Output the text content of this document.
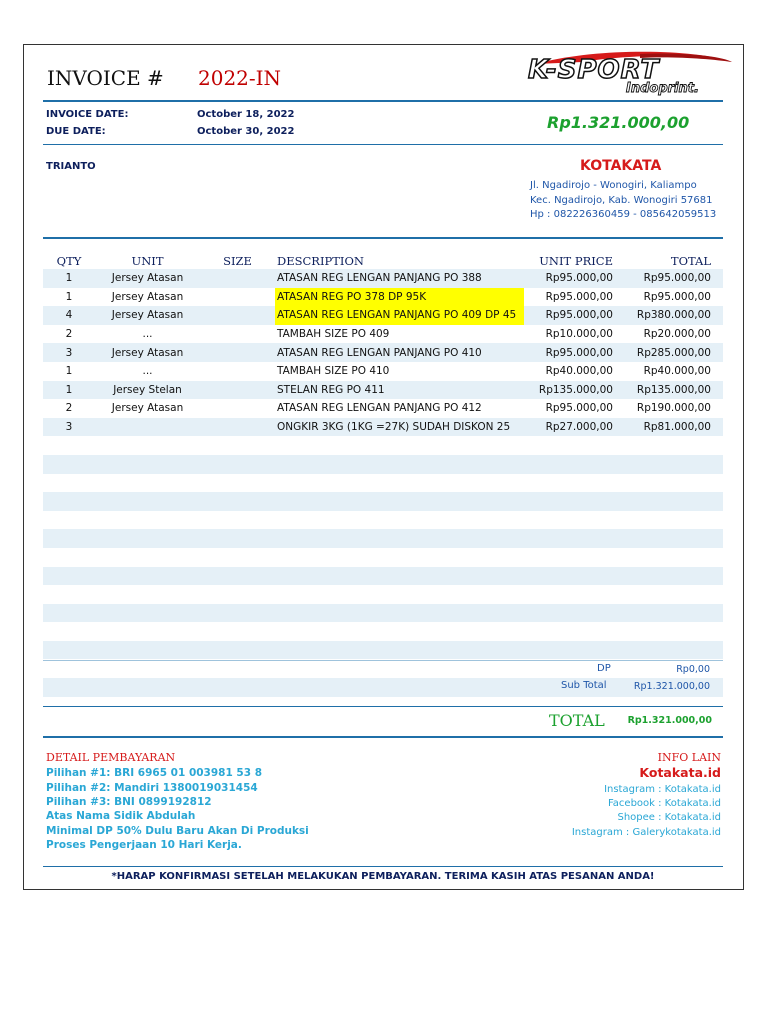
INVOICE # 2022-IN	K-SPORT
Indoprint.
INVOICE DATE:	October 18, 2022
DUE DATE:	October 30, 2022	Rp1.321.000,00
TRIANTO	KOTAKATA
Jl. Ngadirojo - Wonogiri, Kaliampo
Kec. Ngadirojo, Kab. Wonogiri 57681
Hp : 082226360459 - 085642059513
QTY	UNIT	SIZE	DESCRIPTION	UNIT PRICE	TOTAL
1	Jersey Atasan		ATASAN REG LENGAN PANJANG PO 388	Rp95.000,00	Rp95.000,00
1	Jersey Atasan		ATASAN REG PO 378 DP 95K	Rp95.000,00	Rp95.000,00
4	Jersey Atasan		ATASAN REG LENGAN PANJANG PO 409 DP 45	Rp95.000,00	Rp380.000,00
2	...		TAMBAH SIZE PO 409	Rp10.000,00	Rp20.000,00
3	Jersey Atasan		ATASAN REG LENGAN PANJANG PO 410	Rp95.000,00	Rp285.000,00
1	...		TAMBAH SIZE PO 410	Rp40.000,00	Rp40.000,00
1	Jersey Stelan		STELAN REG PO 411	Rp135.000,00	Rp135.000,00
2	Jersey Atasan		ATASAN REG LENGAN PANJANG PO 412	Rp95.000,00	Rp190.000,00
3			ONGKIR 3KG (1KG =27K) SUDAH DISKON 25	Rp27.000,00	Rp81.000,00

DP	Rp0,00
Sub Total	Rp1.321.000,00
TOTAL Rp1.321.000,00
DETAIL PEMBAYARAN
Pilihan #1: BRI 6965 01 003981 53 8
Pilihan #2: Mandiri 1380019031454
Pilihan #3: BNI 0899192812
Atas Nama Sidik Abdulah
Minimal DP 50% Dulu Baru Akan Di Produksi
Proses Pengerjaan 10 Hari Kerja.
INFO LAIN
Kotakata.id
Instagram : Kotakata.id
Facebook : Kotakata.id
Shopee : Kotakata.id
Instagram : Galerykotakata.id
*HARAP KONFIRMASI SETELAH MELAKUKAN PEMBAYARAN. TERIMA KASIH ATAS PESANAN ANDA!
